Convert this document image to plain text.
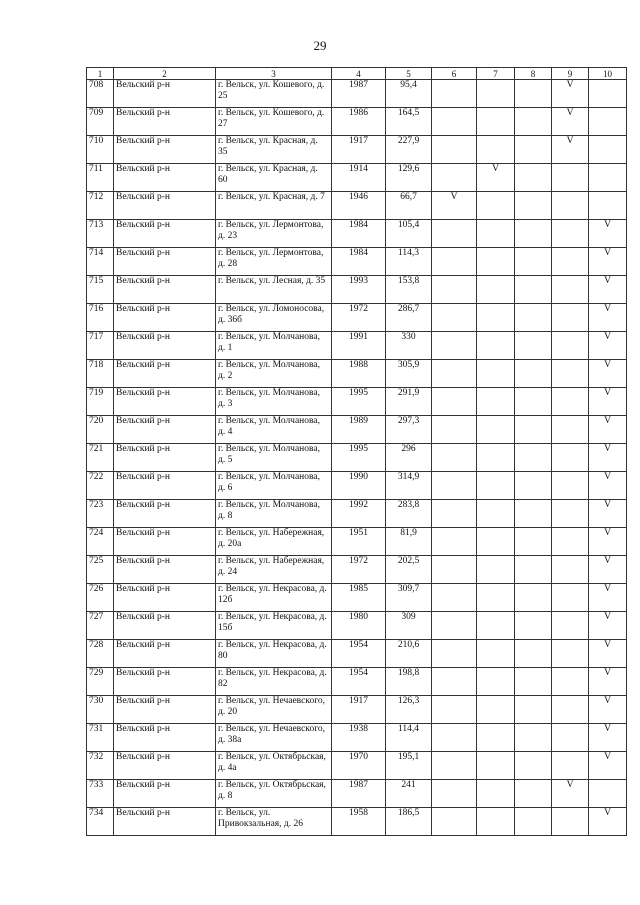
29
1	2	3	4	5	6	7	8	9	10
708	Вельский р-н	г. Вельск, ул. Кошевого, д. 25	1987	95,4				V	
709	Вельский р-н	г. Вельск, ул. Кошевого, д. 27	1986	164,5				V	
710	Вельский р-н	г. Вельск, ул. Красная, д. 35	1917	227,9				V	
711	Вельский р-н	г. Вельск, ул. Красная, д. 60	1914	129,6		V			
712	Вельский р-н	г. Вельск, ул. Красная, д. 7	1946	66,7	V				
713	Вельский р-н	г. Вельск, ул. Лермонтова, д. 23	1984	105,4					V
714	Вельский р-н	г. Вельск, ул. Лермонтова, д. 28	1984	114,3					V
715	Вельский р-н	г. Вельск, ул. Лесная, д. 35	1993	153,8					V
716	Вельский р-н	г. Вельск, ул. Ломоносова, д. 36б	1972	286,7					V
717	Вельский р-н	г. Вельск, ул. Молчанова, д. 1	1991	330					V
718	Вельский р-н	г. Вельск, ул. Молчанова, д. 2	1988	305,9					V
719	Вельский р-н	г. Вельск, ул. Молчанова, д. 3	1995	291,9					V
720	Вельский р-н	г. Вельск, ул. Молчанова, д. 4	1989	297,3					V
721	Вельский р-н	г. Вельск, ул. Молчанова, д. 5	1995	296					V
722	Вельский р-н	г. Вельск, ул. Молчанова, д. 6	1990	314,9					V
723	Вельский р-н	г. Вельск, ул. Молчанова, д. 8	1992	283,8					V
724	Вельский р-н	г. Вельск, ул. Набережная, д. 20а	1951	81,9					V
725	Вельский р-н	г. Вельск, ул. Набережная, д. 24	1972	202,5					V
726	Вельский р-н	г. Вельск, ул. Некрасова, д. 12б	1985	309,7					V
727	Вельский р-н	г. Вельск, ул. Некрасова, д. 15б	1980	309					V
728	Вельский р-н	г. Вельск, ул. Некрасова, д. 80	1954	210,6					V
729	Вельский р-н	г. Вельск, ул. Некрасова, д. 82	1954	198,8					V
730	Вельский р-н	г. Вельск, ул. Нечаевского, д. 20	1917	126,3					V
731	Вельский р-н	г. Вельск, ул. Нечаевского, д. 38а	1938	114,4					V
732	Вельский р-н	г. Вельск, ул. Октябрьская, д. 4а	1970	195,1					V
733	Вельский р-н	г. Вельск, ул. Октябрьская, д. 8	1987	241				V	
734	Вельский р-н	г. Вельск, ул. Привокзальная, д. 26	1958	186,5					V
